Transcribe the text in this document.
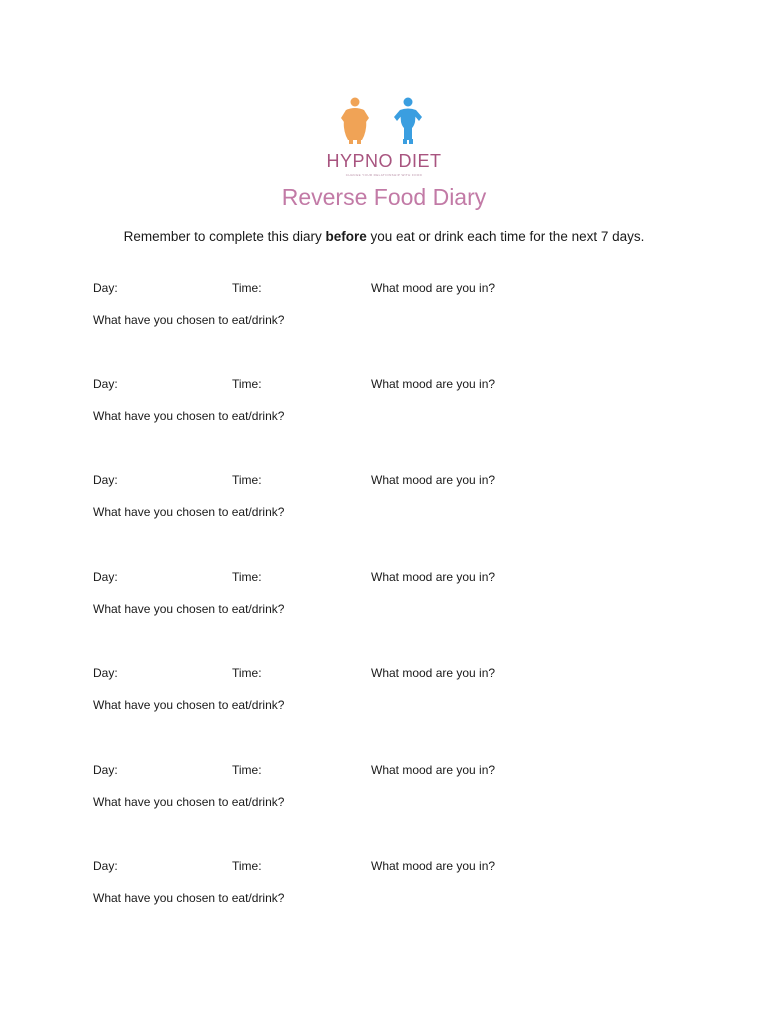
HYPNO DIET
CHANGE YOUR RELATIONSHIP WITH FOOD
Reverse Food Diary
Remember to complete this diary before you eat or drink each time for the next 7 days.
Day:	Time:	What mood are you in?
What have you chosen to eat/drink?
Day:	Time:	What mood are you in?
What have you chosen to eat/drink?
Day:	Time:	What mood are you in?
What have you chosen to eat/drink?
Day:	Time:	What mood are you in?
What have you chosen to eat/drink?
Day:	Time:	What mood are you in?
What have you chosen to eat/drink?
Day:	Time:	What mood are you in?
What have you chosen to eat/drink?
Day:	Time:	What mood are you in?
What have you chosen to eat/drink?
